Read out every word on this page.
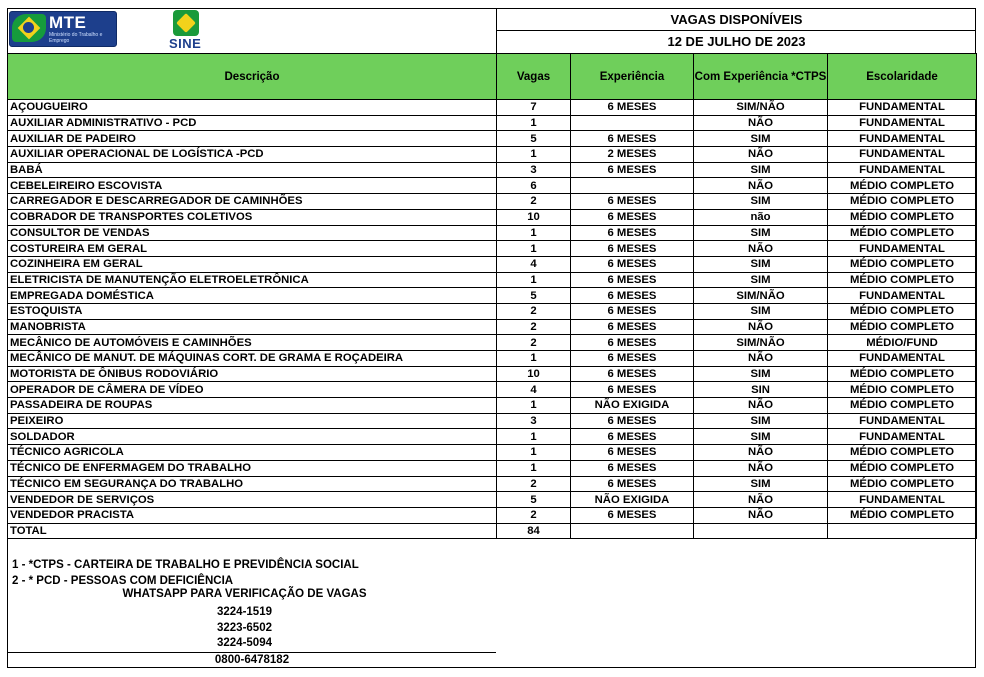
MTE
Ministério do Trabalho e Emprego	SINE
VAGAS DISPONÍVEIS
12 DE JULHO DE 2023
Descrição	Vagas	Experiência	Com Experiência *CTPS	Escolaridade
AÇOUGUEIRO	7	6 MESES	SIM/NÃO	FUNDAMENTAL
AUXILIAR ADMINISTRATIVO - PCD	1		NÃO	FUNDAMENTAL
AUXILIAR DE PADEIRO	5	6 MESES	SIM	FUNDAMENTAL
AUXILIAR OPERACIONAL DE LOGÍSTICA -PCD	1	2 MESES	NÃO	FUNDAMENTAL
BABÁ	3	6 MESES	SIM	FUNDAMENTAL
CEBELEIREIRO ESCOVISTA	6		NÃO	MÉDIO COMPLETO
CARREGADOR E DESCARREGADOR DE CAMINHÕES	2	6 MESES	SIM	MÉDIO COMPLETO
COBRADOR DE TRANSPORTES COLETIVOS	10	6 MESES	não	MÉDIO COMPLETO
CONSULTOR DE VENDAS	1	6 MESES	SIM	MÉDIO COMPLETO
COSTUREIRA EM GERAL	1	6 MESES	NÃO	FUNDAMENTAL
COZINHEIRA EM GERAL	4	6 MESES	SIM	MÉDIO COMPLETO
ELETRICISTA DE MANUTENÇÃO ELETROELETRÔNICA	1	6 MESES	SIM	MÉDIO COMPLETO
EMPREGADA DOMÉSTICA	5	6 MESES	SIM/NÃO	FUNDAMENTAL
ESTOQUISTA	2	6 MESES	SIM	MÉDIO COMPLETO
MANOBRISTA	2	6 MESES	NÃO	MÉDIO COMPLETO
MECÂNICO DE AUTOMÓVEIS E CAMINHÕES	2	6 MESES	SIM/NÃO	MÉDIO/FUND
MECÂNICO DE MANUT. DE MÁQUINAS CORT. DE GRAMA E ROÇADEIRA	1	6 MESES	NÃO	FUNDAMENTAL
MOTORISTA DE ÔNIBUS RODOVIÁRIO	10	6 MESES	SIM	MÉDIO COMPLETO
OPERADOR DE CÂMERA DE VÍDEO	4	6 MESES	SIN	MÉDIO COMPLETO
PASSADEIRA DE ROUPAS	1	NÃO EXIGIDA	NÃO	MÉDIO COMPLETO
PEIXEIRO	3	6 MESES	SIM	FUNDAMENTAL
SOLDADOR	1	6 MESES	SIM	FUNDAMENTAL
TÉCNICO AGRICOLA	1	6 MESES	NÃO	MÉDIO COMPLETO
TÉCNICO DE ENFERMAGEM DO TRABALHO	1	6 MESES	NÃO	MÉDIO COMPLETO
TÉCNICO EM SEGURANÇA DO TRABALHO	2	6 MESES	SIM	MÉDIO COMPLETO
VENDEDOR DE SERVIÇOS	5	NÃO EXIGIDA	NÃO	FUNDAMENTAL
VENDEDOR PRACISTA	2	6 MESES	NÃO	MÉDIO COMPLETO
TOTAL	84			
1 - *CTPS - CARTEIRA DE TRABALHO E PREVIDÊNCIA SOCIAL
2 - * PCD - PESSOAS COM DEFICIÊNCIA
WHATSAPP PARA VERIFICAÇÃO DE VAGAS
3224-1519
3223-6502
3224-5094
0800-6478182
